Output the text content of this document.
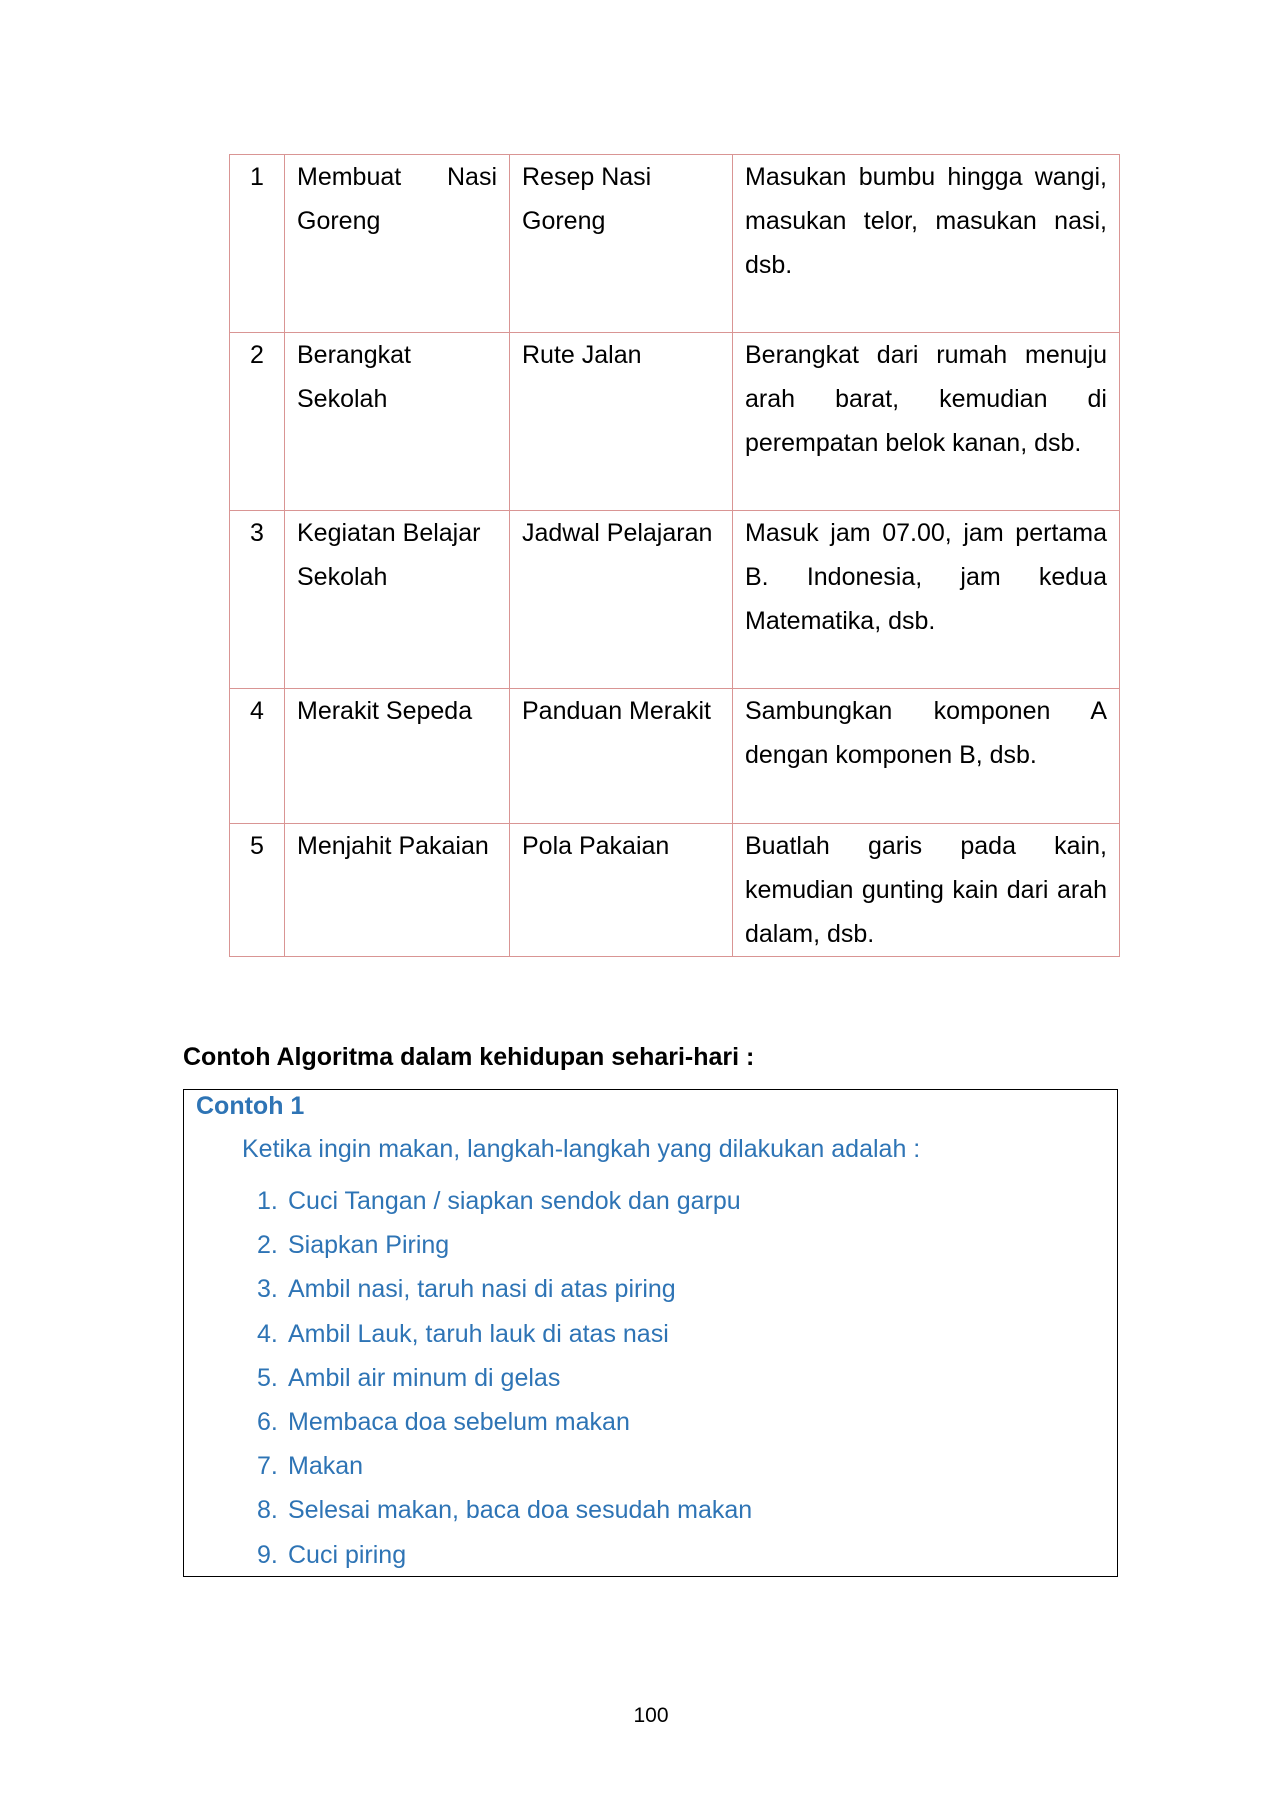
1	Membuat Nasi Goreng	Resep Nasi Goreng	Masukan bumbu hingga wangi, masukan telor, masukan nasi, dsb.
2	Berangkat Sekolah	Rute Jalan	Berangkat dari rumah menuju arah barat, kemudian di perempatan belok kanan, dsb.
3	Kegiatan Belajar Sekolah	Jadwal Pelajaran	Masuk jam 07.00, jam pertama B. Indonesia, jam kedua Matematika, dsb.
4	Merakit Sepeda	Panduan Merakit	Sambungkan komponen A dengan komponen B, dsb.
5	Menjahit Pakaian	Pola Pakaian	Buatlah garis pada kain, kemudian gunting kain dari arah dalam, dsb.
Contoh Algoritma dalam kehidupan sehari-hari :
Contoh 1
Ketika ingin makan, langkah-langkah yang dilakukan adalah :
1. Cuci Tangan / siapkan sendok dan garpu
2. Siapkan Piring
3. Ambil nasi, taruh nasi di atas piring
4. Ambil Lauk, taruh lauk di atas nasi
5. Ambil air minum di gelas
6. Membaca doa sebelum makan
7. Makan
8. Selesai makan, baca doa sesudah makan
9. Cuci piring
100
